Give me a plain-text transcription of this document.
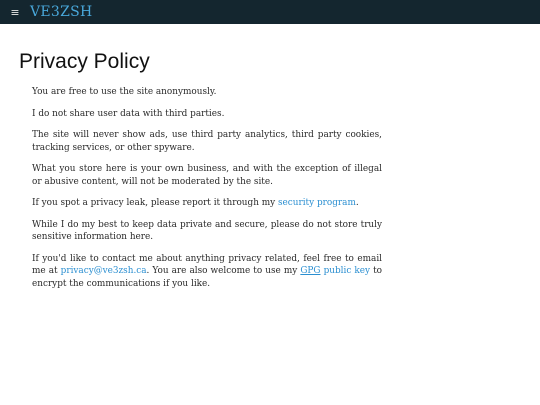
≡ VE3ZSH
Privacy Policy

You are free to use the site anonymously.

I do not share user data with third parties.

The site will never show ads, use third party analytics, third party cookies, tracking services, or other spyware.

What you store here is your own business, and with the exception of illegal or abusive content, will not be moderated by the site.

If you spot a privacy leak, please report it through my security program.

While I do my best to keep data private and secure, please do not store truly sensitive information here.

If you'd like to contact me about anything privacy related, feel free to email me at privacy@ve3zsh.ca. You are also welcome to use my GPG public key to encrypt the communications if you like.
